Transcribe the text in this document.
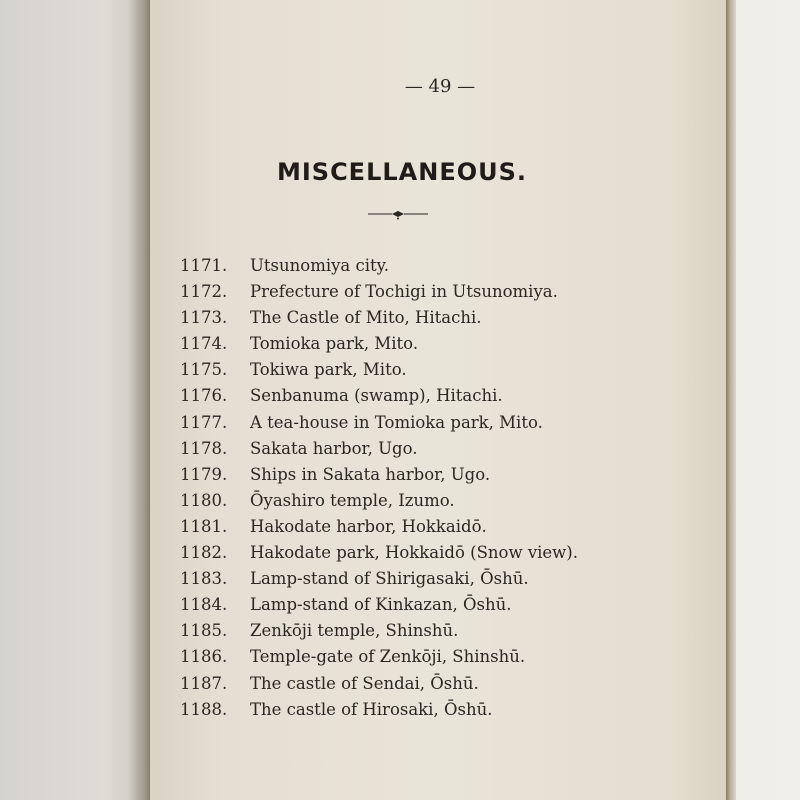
— 49 —
MISCELLANEOUS.
1171.	Utsunomiya city.
1172.	Prefecture of Tochigi in Utsunomiya.
1173.	The Castle of Mito, Hitachi.
1174.	Tomioka park, Mito.
1175.	Tokiwa park, Mito.
1176.	Senbanuma (swamp), Hitachi.
1177.	A tea-house in Tomioka park, Mito.
1178.	Sakata harbor, Ugo.
1179.	Ships in Sakata harbor, Ugo.
1180.	Ōyashiro temple, Izumo.
1181.	Hakodate harbor, Hokkaidō.
1182.	Hakodate park, Hokkaidō (Snow view).
1183.	Lamp-stand of Shirigasaki, Ōshū.
1184.	Lamp-stand of Kinkazan, Ōshū.
1185.	Zenkōji temple, Shinshū.
1186.	Temple-gate of Zenkōji, Shinshū.
1187.	The castle of Sendai, Ōshū.
1188.	The castle of Hirosaki, Ōshū.
